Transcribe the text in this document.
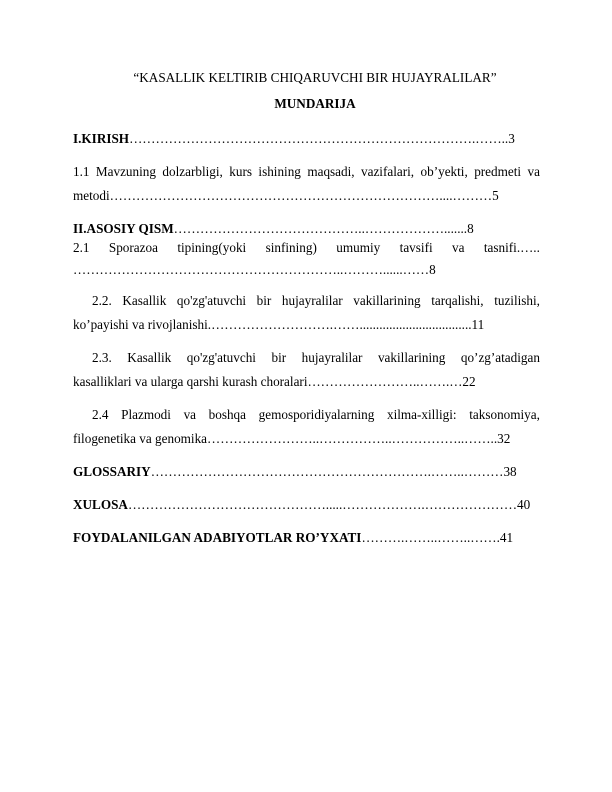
“KASALLIK KELTIRIB CHIQARUVCHI BIR HUJAYRALILAR”
MUNDARIJA
I.KIRISH…………………………………………………………………….……..3
1.1 Mavzuning dolzarbligi, kurs ishining maqsadi, vazifalari, ob’yekti, predmeti va
metodi…………………………………………………………………....………5
II.ASOSIY QISM……………………………………..……………….......8
2.1 Sporazoa tipining(yoki sinfining) umumiy tavsifi va tasnifi.…..
……………………………………………………..………......……8
2.2. Kasallik qo'zg'atuvchi bir hujayralilar vakillarining tarqalishi, tuzilishi,
ko’payishi va rivojlanishi.……………………….……..................................11
2.3. Kasallik qo'zg'atuvchi bir hujayralilar vakillarining qo’zg’atadigan
kasalliklari va ularga qarshi kurash choralari……………………..…….…22
2.4 Plazmodi va boshqa gemosporidiyalarning xilma-xilligi: taksonomiya,
filogenetika va genomika……………………..……………..……………..……..32
GLOSSARIY……………………………………………………….……..………38
XULOSA……………………………………….....……………….…………………40
FOYDALANILGAN ADABIYOTLAR RO’YXATI……….……..……..…….41
